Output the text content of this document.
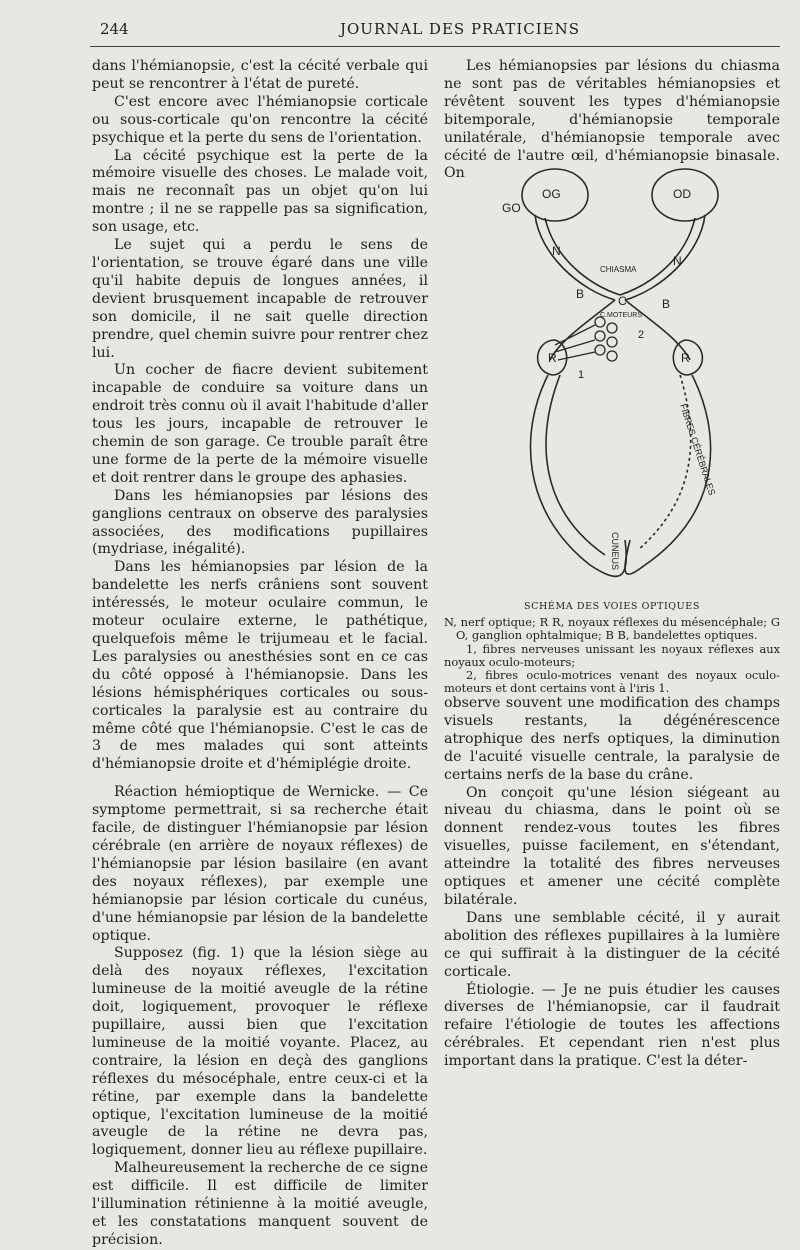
244	JOURNAL DES PRATICIENS

dans l'hémianopsie, c'est la cécité verbale qui peut se rencontrer à l'état de pureté.

C'est encore avec l'hémianopsie corticale ou sous-corticale qu'on rencontre la cécité psychique et la perte du sens de l'orientation.

La cécité psychique est la perte de la mémoire visuelle des choses. Le malade voit, mais ne reconnaît pas un objet qu'on lui montre ; il ne se rappelle pas sa signification, son usage, etc.

Le sujet qui a perdu le sens de l'orientation, se trouve égaré dans une ville qu'il habite depuis de longues années, il devient brusquement incapable de retrouver son domicile, il ne sait quelle direction prendre, quel chemin suivre pour rentrer chez lui.

Un cocher de fiacre devient subitement incapable de conduire sa voiture dans un endroit très connu où il avait l'habitude d'aller tous les jours, incapable de retrouver le chemin de son garage. Ce trouble paraît être une forme de la perte de la mémoire visuelle et doit rentrer dans le groupe des aphasies.

Dans les hémianopsies par lésions des ganglions centraux on observe des paralysies associées, des modifications pupillaires (mydriase, inégalité).

Dans les hémianopsies par lésion de la bandelette les nerfs crâniens sont souvent intéressés, le moteur oculaire commun, le moteur oculaire externe, le pathétique, quelquefois même le trijumeau et le facial. Les paralysies ou anesthésies sont en ce cas du côté opposé à l'hémianopsie. Dans les lésions hémisphériques corticales ou sous-corticales la paralysie est au contraire du même côté que l'hémianopsie. C'est le cas de 3 de mes malades qui sont atteints d'hémianopsie droite et d'hémiplégie droite.

Réaction hémioptique de Wernicke. — Ce symptome permettrait, si sa recherche était facile, de distinguer l'hémianopsie par lésion cérébrale (en arrière de noyaux réflexes) de l'hémianopsie par lésion basilaire (en avant des noyaux réflexes), par exemple une hémianopsie par lésion corticale du cunéus, d'une hémianopsie par lésion de la bandelette optique.

Supposez (fig. 1) que la lésion siège au delà des noyaux réflexes, l'excitation lumineuse de la moitié aveugle de la rétine doit, logiquement, provoquer le réflexe pupillaire, aussi bien que l'excitation lumineuse de la moitié voyante. Placez, au contraire, la lésion en deçà des ganglions réflexes du mésocéphale, entre ceux-ci et la rétine, par exemple dans la bandelette optique, l'excitation lumineuse de la moitié aveugle de la rétine ne devra pas, logiquement, donner lieu au réflexe pupillaire.

Malheureusement la recherche de ce signe est difficile. Il est difficile de limiter l'illumination rétinienne à la moitié aveugle, et les constatations manquent souvent de précision.

Les hémianopsies par lésions du chiasma ne sont pas de véritables hémianopsies et révêtent souvent les types d'hémianopsie bitemporale, d'hémianopsie temporale unilatérale, d'hémianopsie temporale avec cécité de l'autre œil, d'hémianopsie binasale. On

OG	OD
GO
N
N
CHIASMA
C
B
B
C.MOTEURS
2
R	R
1
FIBRES CÉRÉBRALES
CUNEUS
SCHÉMA DES VOIES OPTIQUES

N, nerf optique; R R, noyaux réflexes du mésencéphale; G O, ganglion ophtalmique; B B, bandelettes optiques.

1, fibres nerveuses unissant les noyaux réflexes aux noyaux oculo-moteurs;

2, fibres oculo-motrices venant des noyaux oculo-moteurs et dont certains vont à l'iris 1.

observe souvent une modification des champs visuels restants, la dégénérescence atrophique des nerfs optiques, la diminution de l'acuité visuelle centrale, la paralysie de certains nerfs de la base du crâne.

On conçoit qu'une lésion siégeant au niveau du chiasma, dans le point où se donnent rendez-vous toutes les fibres visuelles, puisse facilement, en s'étendant, atteindre la totalité des fibres nerveuses optiques et amener une cécité complète bilatérale.

Dans une semblable cécité, il y aurait abolition des réflexes pupillaires à la lumière ce qui suffirait à la distinguer de la cécité corticale.

Étiologie. — Je ne puis étudier les causes diverses de l'hémianopsie, car il faudrait refaire l'étiologie de toutes les affections cérébrales. Et cependant rien n'est plus important dans la pratique. C'est la déter-
